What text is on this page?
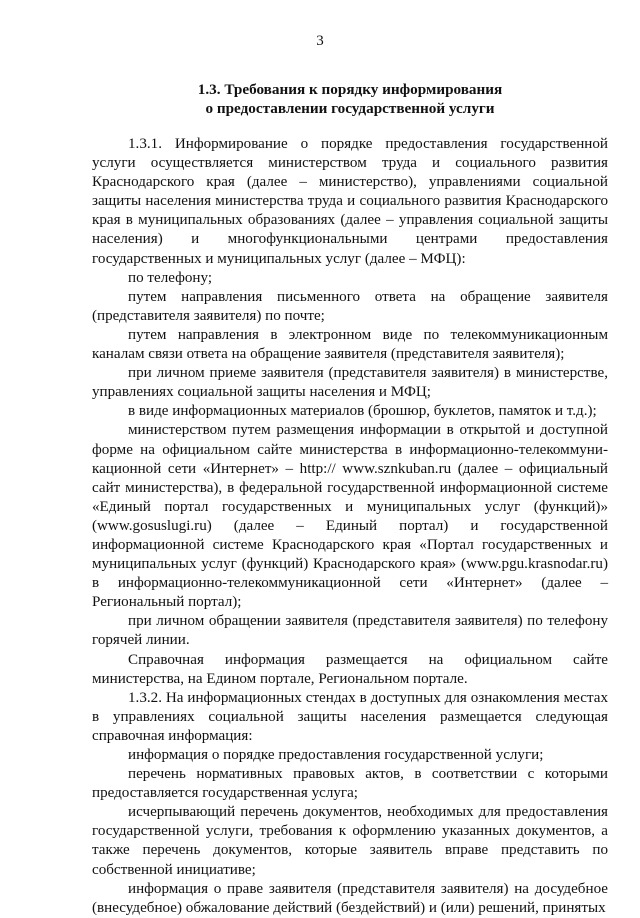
3
1.3. Требования к порядку информирования
о предоставлении государственной услуги

1.3.1. Информирование о порядке предоставления государственной услуги осуществляется министерством труда и социального развития Краснодарского края (далее – министерство), управлениями социальной защиты населения министерства труда и социального развития Краснодарского края в муниципальных образованиях (далее – управления социальной защиты населения) и многофункциональными центрами предоставления государственных и муниципальных услуг (далее – МФЦ):

по телефону;

путем направления письменного ответа на обращение заявителя (представителя заявителя) по почте;

путем направления в электронном виде по телекоммуникационным каналам связи ответа на обращение заявителя (представителя заявителя);

при личном приеме заявителя (представителя заявителя) в министерстве, управлениях социальной защиты населения и МФЦ;

в виде информационных материалов (брошюр, буклетов, памяток и т.д.);

министерством путем размещения информации в открытой и доступной форме на официальном сайте министерства в информационно-телекоммуникационной сети «Интернет» – http:// www.sznkuban.ru (далее – официальный сайт министерства), в федеральной государственной информационной системе «Единый портал государственных и муниципальных услуг (функций)» (www.gosuslugi.ru) (далее – Единый портал) и государственной информационной системе Краснодарского края «Портал государственных и муниципальных услуг (функций) Краснодарского края» (www.pgu.krasnodar.ru) в информационно-телекоммуникационной сети «Интернет» (далее – Региональный портал);

при личном обращении заявителя (представителя заявителя) по телефону горячей линии.

Справочная информация размещается на официальном сайте министерства, на Едином портале, Региональном портале.

1.3.2. На информационных стендах в доступных для ознакомления местах в управлениях социальной защиты населения размещается следующая справочная информация:

информация о порядке предоставления государственной услуги;

перечень нормативных правовых актов, в соответствии с которыми предоставляется государственная услуга;

исчерпывающий перечень документов, необходимых для предоставления государственной услуги, требования к оформлению указанных документов, а также перечень документов, которые заявитель вправе представить по собственной инициативе;

информация о праве заявителя (представителя заявителя) на досудебное (внесудебное) обжалование действий (бездействий) и (или) решений, принятых
